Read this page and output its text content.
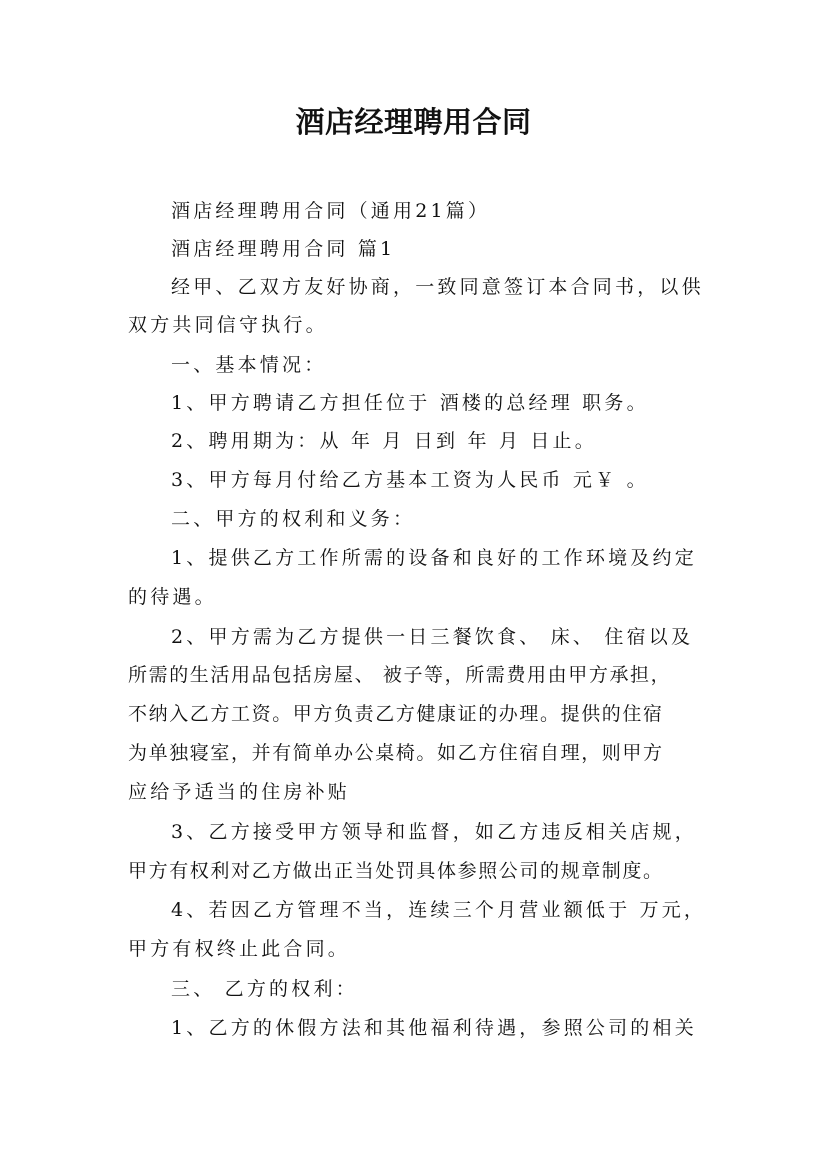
酒店经理聘用合同
酒店经理聘用合同（通用21篇）
酒店经理聘用合同 篇1
经甲、乙双方友好协商，一致同意签订本合同书，以供
双方共同信守执行。
一、基本情况：
1、甲方聘请乙方担任位于 酒楼的总经理 职务。
2、聘用期为：从 年 月 日到 年 月 日止。
3、甲方每月付给乙方基本工资为人民币 元￥ 。
二、甲方的权利和义务：
1、提供乙方工作所需的设备和良好的工作环境及约定
的待遇。
2、甲方需为乙方提供一日三餐饮食、 床、 住宿以及
所需的生活用品包括房屋、 被子等，所需费用由甲方承担，
不纳入乙方工资。甲方负责乙方健康证的办理。提供的住宿
为单独寝室，并有简单办公桌椅。如乙方住宿自理，则甲方
应给予适当的住房补贴
3、乙方接受甲方领导和监督，如乙方违反相关店规，
甲方有权利对乙方做出正当处罚具体参照公司的规章制度。
4、若因乙方管理不当，连续三个月营业额低于 万元，
甲方有权终止此合同。
三、 乙方的权利：
1、乙方的休假方法和其他福利待遇，参照公司的相关
